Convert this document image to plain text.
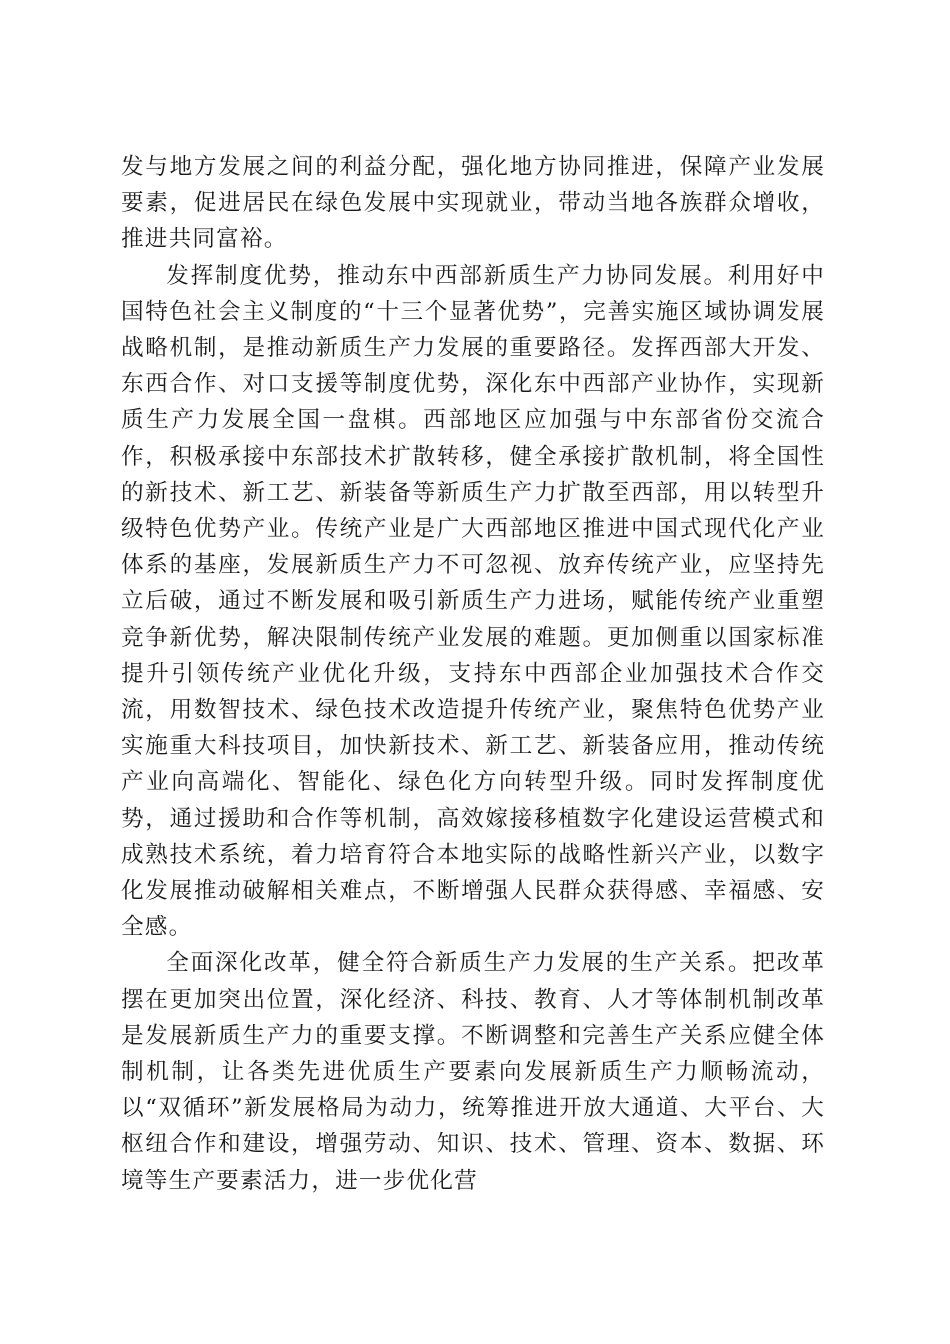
发与地方发展之间的利益分配，强化地方协同推进，保障产业发展要素，促进居民在绿色发展中实现就业，带动当地各族群众增收，推进共同富裕。

发挥制度优势，推动东中西部新质生产力协同发展。利用好中国特色社会主义制度的“十三个显著优势”，完善实施区域协调发展战略机制，是推动新质生产力发展的重要路径。发挥西部大开发、东西合作、对口支援等制度优势，深化东中西部产业协作，实现新质生产力发展全国一盘棋。西部地区应加强与中东部省份交流合作，积极承接中东部技术扩散转移，健全承接扩散机制，将全国性的新技术、新工艺、新装备等新质生产力扩散至西部，用以转型升级特色优势产业。传统产业是广大西部地区推进中国式现代化产业体系的基座，发展新质生产力不可忽视、放弃传统产业，应坚持先立后破，通过不断发展和吸引新质生产力进场，赋能传统产业重塑竞争新优势，解决限制传统产业发展的难题。更加侧重以国家标准提升引领传统产业优化升级，支持东中西部企业加强技术合作交流，用数智技术、绿色技术改造提升传统产业，聚焦特色优势产业实施重大科技项目，加快新技术、新工艺、新装备应用，推动传统产业向高端化、智能化、绿色化方向转型升级。同时发挥制度优势，通过援助和合作等机制，高效嫁接移植数字化建设运营模式和成熟技术系统，着力培育符合本地实际的战略性新兴产业，以数字化发展推动破解相关难点，不断增强人民群众获得感、幸福感、安全感。

全面深化改革，健全符合新质生产力发展的生产关系。把改革摆在更加突出位置，深化经济、科技、教育、人才等体制机制改革是发展新质生产力的重要支撑。不断调整和完善生产关系应健全体制机制，让各类先进优质生产要素向发展新质生产力顺畅流动，以“双循环”新发展格局为动力，统筹推进开放大通道、大平台、大枢纽合作和建设，增强劳动、知识、技术、管理、资本、数据、环境等生产要素活力，进一步优化营
